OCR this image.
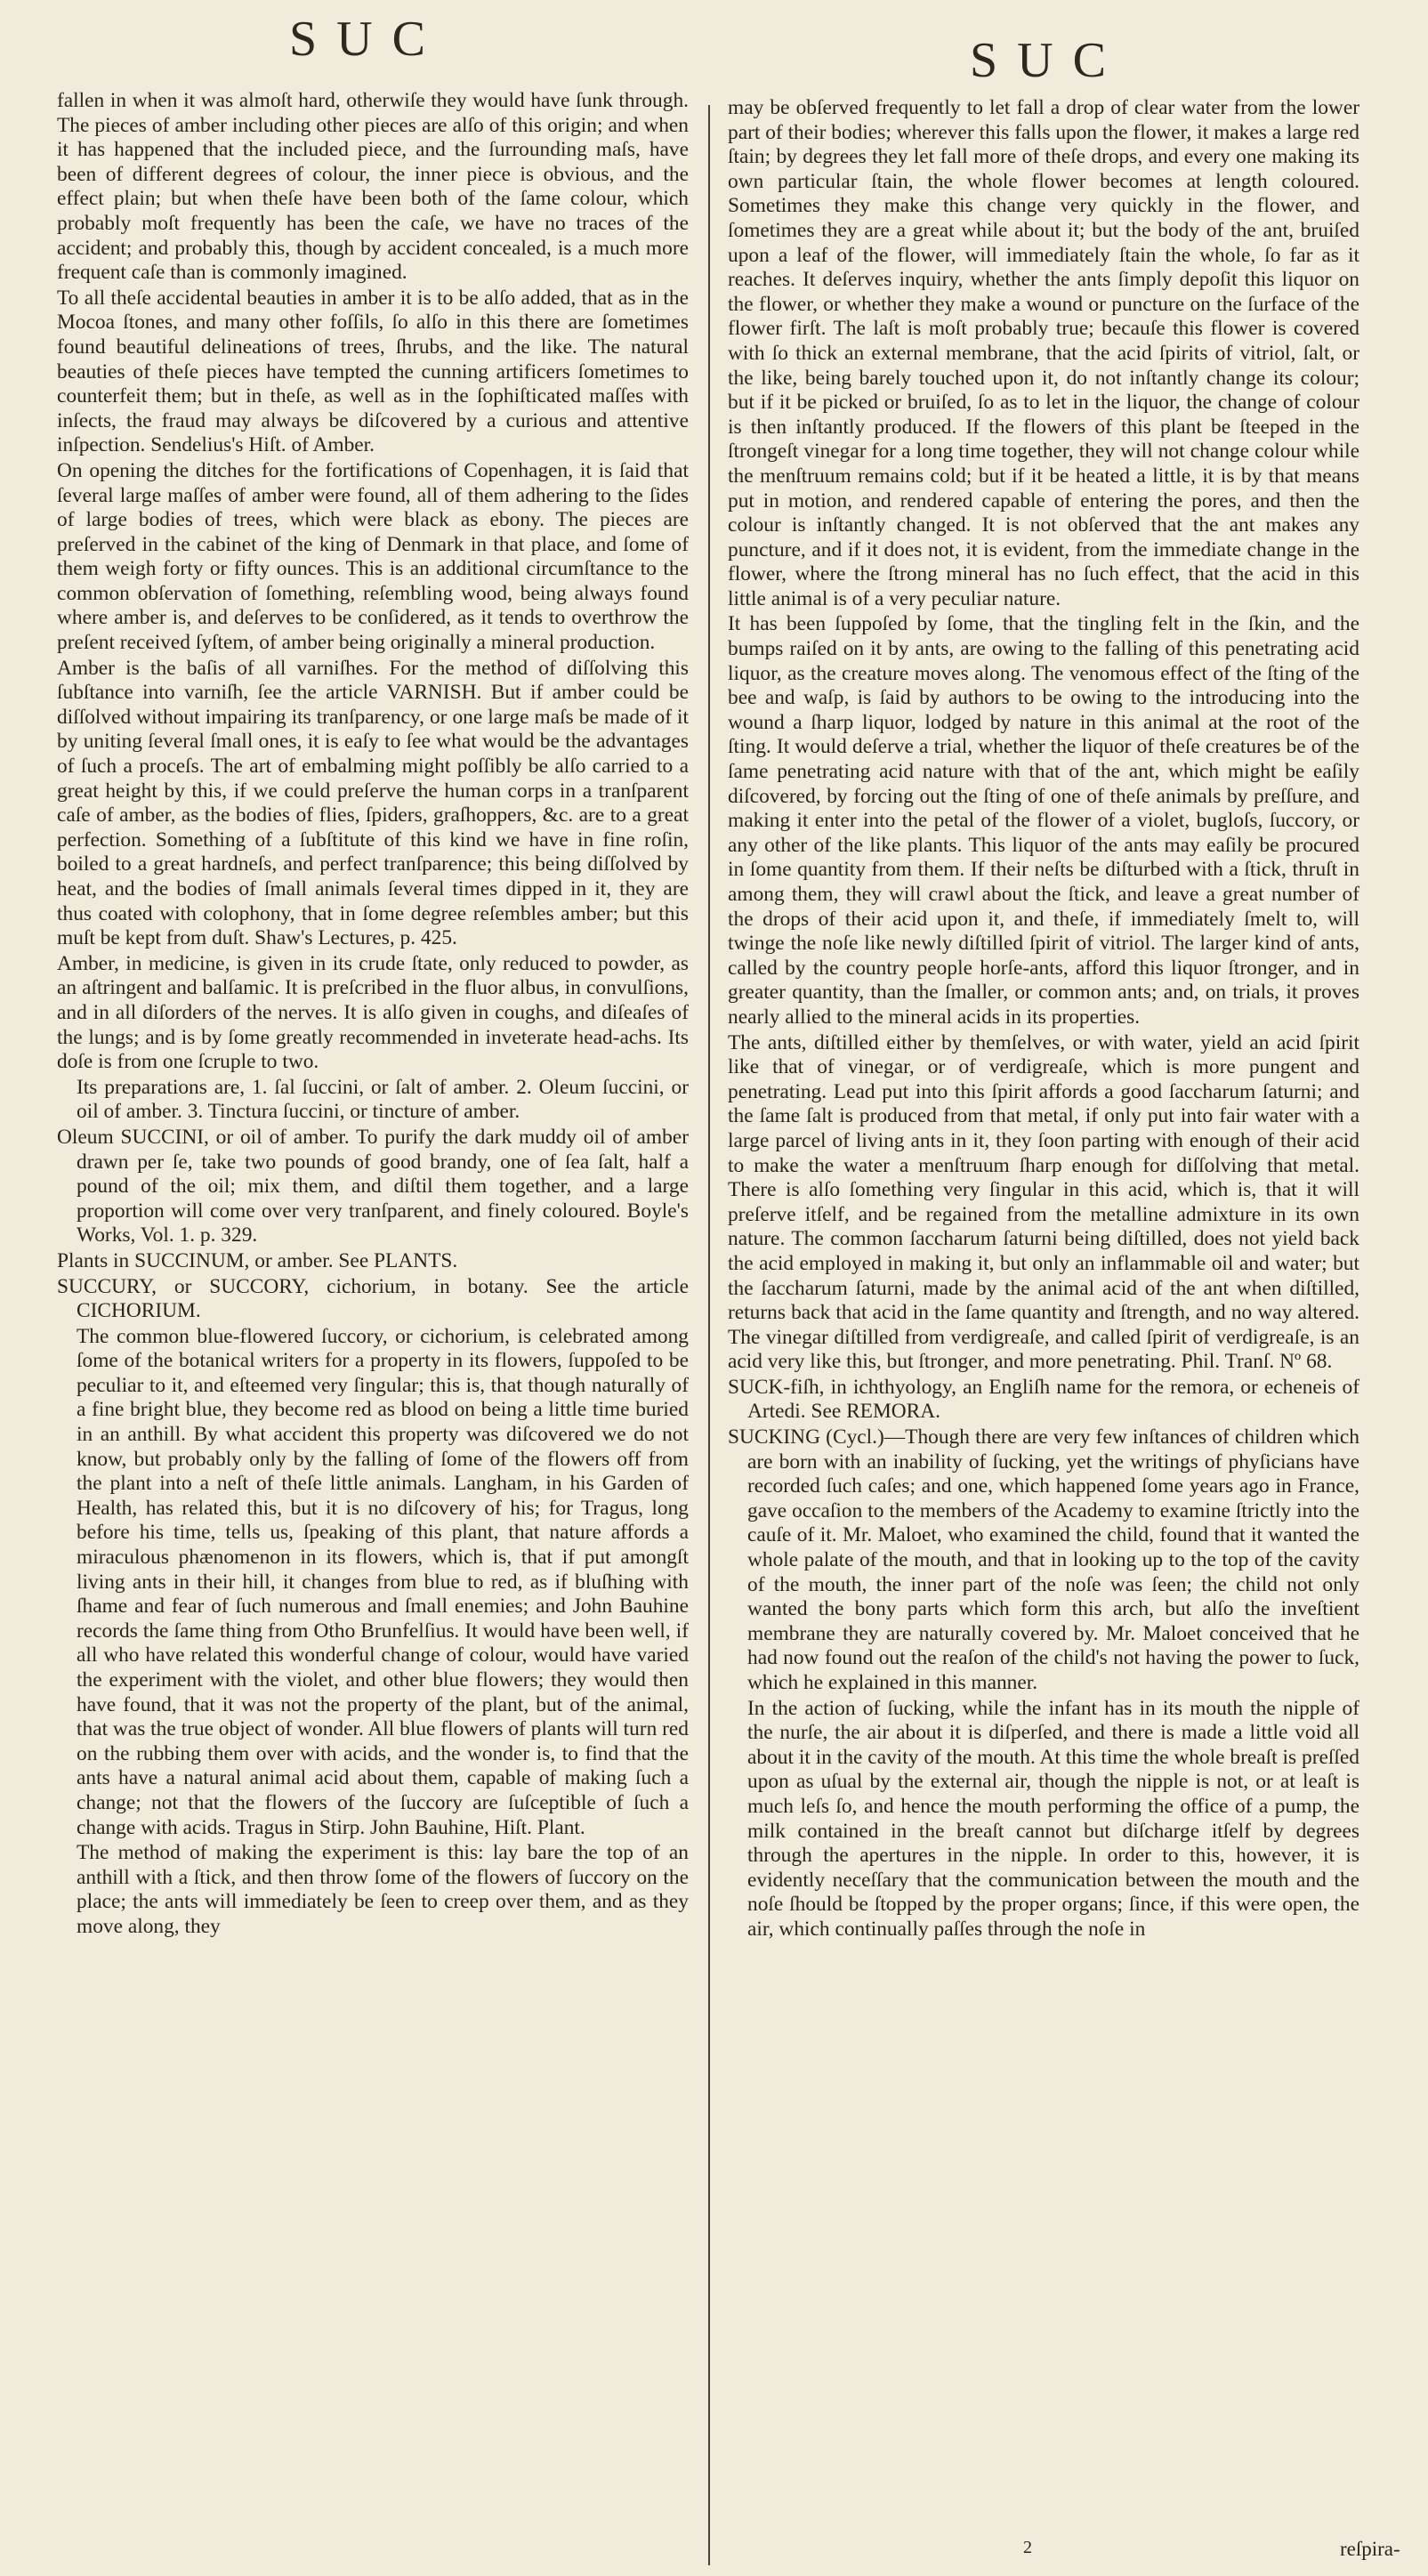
SUC	SUC

fallen in when it was almoſt hard, otherwiſe they would have ſunk through. The pieces of amber including other pieces are alſo of this origin; and when it has happened that the included piece, and the ſurrounding maſs, have been of different degrees of colour, the inner piece is obvious, and the effect plain; but when theſe have been both of the ſame colour, which probably moſt frequently has been the caſe, we have no traces of the accident; and probably this, though by accident concealed, is a much more frequent caſe than is commonly imagined.

To all theſe accidental beauties in amber it is to be alſo added, that as in the Mocoa ſtones, and many other foſſils, ſo alſo in this there are ſometimes found beautiful delineations of trees, ſhrubs, and the like. The natural beauties of theſe pieces have tempted the cunning artificers ſometimes to counterfeit them; but in theſe, as well as in the ſophiſticated maſſes with inſects, the fraud may always be diſcovered by a curious and attentive inſpection. Sendelius's Hiſt. of Amber.

On opening the ditches for the fortifications of Copenhagen, it is ſaid that ſeveral large maſſes of amber were found, all of them adhering to the ſides of large bodies of trees, which were black as ebony. The pieces are preſerved in the cabinet of the king of Denmark in that place, and ſome of them weigh forty or fifty ounces. This is an additional circumſtance to the common obſervation of ſomething, reſembling wood, being always found where amber is, and deſerves to be conſidered, as it tends to overthrow the preſent received ſyſtem, of amber being originally a mineral production.

Amber is the baſis of all varniſhes. For the method of diſſolving this ſubſtance into varniſh, ſee the article VARNISH. But if amber could be diſſolved without impairing its tranſparency, or one large maſs be made of it by uniting ſeveral ſmall ones, it is eaſy to ſee what would be the advantages of ſuch a proceſs. The art of embalming might poſſibly be alſo carried to a great height by this, if we could preſerve the human corps in a tranſparent caſe of amber, as the bodies of flies, ſpiders, graſhoppers, &c. are to a great perfection. Something of a ſubſtitute of this kind we have in fine roſin, boiled to a great hardneſs, and perfect tranſparence; this being diſſolved by heat, and the bodies of ſmall animals ſeveral times dipped in it, they are thus coated with colophony, that in ſome degree reſembles amber; but this muſt be kept from duſt. Shaw's Lectures, p. 425.

Amber, in medicine, is given in its crude ſtate, only reduced to powder, as an aſtringent and balſamic. It is preſcribed in the fluor albus, in convulſions, and in all diſorders of the nerves. It is alſo given in coughs, and diſeaſes of the lungs; and is by ſome greatly recommended in inveterate head-achs. Its doſe is from one ſcruple to two.

Its preparations are, 1. ſal ſuccini, or ſalt of amber. 2. Oleum ſuccini, or oil of amber. 3. Tinctura ſuccini, or tincture of amber.

Oleum SUCCINI, or oil of amber. To purify the dark muddy oil of amber drawn per ſe, take two pounds of good brandy, one of ſea ſalt, half a pound of the oil; mix them, and diſtil them together, and a large proportion will come over very tranſparent, and finely coloured. Boyle's Works, Vol. 1. p. 329.

Plants in SUCCINUM, or amber. See PLANTS.

SUCCURY, or SUCCORY, cichorium, in botany. See the article CICHORIUM.

The common blue-flowered ſuccory, or cichorium, is celebrated among ſome of the botanical writers for a property in its flowers, ſuppoſed to be peculiar to it, and eſteemed very ſingular; this is, that though naturally of a fine bright blue, they become red as blood on being a little time buried in an anthill. By what accident this property was diſcovered we do not know, but probably only by the falling of ſome of the flowers off from the plant into a neſt of theſe little animals. Langham, in his Garden of Health, has related this, but it is no diſcovery of his; for Tragus, long before his time, tells us, ſpeaking of this plant, that nature affords a miraculous phænomenon in its flowers, which is, that if put amongſt living ants in their hill, it changes from blue to red, as if bluſhing with ſhame and fear of ſuch numerous and ſmall enemies; and John Bauhine records the ſame thing from Otho Brunfelſius. It would have been well, if all who have related this wonderful change of colour, would have varied the experiment with the violet, and other blue flowers; they would then have found, that it was not the property of the plant, but of the animal, that was the true object of wonder. All blue flowers of plants will turn red on the rubbing them over with acids, and the wonder is, to find that the ants have a natural animal acid about them, capable of making ſuch a change; not that the flowers of the ſuccory are ſuſceptible of ſuch a change with acids. Tragus in Stirp. John Bauhine, Hiſt. Plant.

The method of making the experiment is this: lay bare the top of an anthill with a ſtick, and then throw ſome of the flowers of ſuccory on the place; the ants will immediately be ſeen to creep over them, and as they move along, they

may be obſerved frequently to let fall a drop of clear water from the lower part of their bodies; wherever this falls upon the flower, it makes a large red ſtain; by degrees they let fall more of theſe drops, and every one making its own particular ſtain, the whole flower becomes at length coloured. Sometimes they make this change very quickly in the flower, and ſometimes they are a great while about it; but the body of the ant, bruiſed upon a leaf of the flower, will immediately ſtain the whole, ſo far as it reaches. It deſerves inquiry, whether the ants ſimply depoſit this liquor on the flower, or whether they make a wound or puncture on the ſurface of the flower firſt. The laſt is moſt probably true; becauſe this flower is covered with ſo thick an external membrane, that the acid ſpirits of vitriol, ſalt, or the like, being barely touched upon it, do not inſtantly change its colour; but if it be picked or bruiſed, ſo as to let in the liquor, the change of colour is then inſtantly produced. If the flowers of this plant be ſteeped in the ſtrongeſt vinegar for a long time together, they will not change colour while the menſtruum remains cold; but if it be heated a little, it is by that means put in motion, and rendered capable of entering the pores, and then the colour is inſtantly changed. It is not obſerved that the ant makes any puncture, and if it does not, it is evident, from the immediate change in the flower, where the ſtrong mineral has no ſuch effect, that the acid in this little animal is of a very peculiar nature.

It has been ſuppoſed by ſome, that the tingling felt in the ſkin, and the bumps raiſed on it by ants, are owing to the falling of this penetrating acid liquor, as the creature moves along. The venomous effect of the ſting of the bee and waſp, is ſaid by authors to be owing to the introducing into the wound a ſharp liquor, lodged by nature in this animal at the root of the ſting. It would deſerve a trial, whether the liquor of theſe creatures be of the ſame penetrating acid nature with that of the ant, which might be eaſily diſcovered, by forcing out the ſting of one of theſe animals by preſſure, and making it enter into the petal of the flower of a violet, bugloſs, ſuccory, or any other of the like plants. This liquor of the ants may eaſily be procured in ſome quantity from them. If their neſts be diſturbed with a ſtick, thruſt in among them, they will crawl about the ſtick, and leave a great number of the drops of their acid upon it, and theſe, if immediately ſmelt to, will twinge the noſe like newly diſtilled ſpirit of vitriol. The larger kind of ants, called by the country people horſe-ants, afford this liquor ſtronger, and in greater quantity, than the ſmaller, or common ants; and, on trials, it proves nearly allied to the mineral acids in its properties.

The ants, diſtilled either by themſelves, or with water, yield an acid ſpirit like that of vinegar, or of verdigreaſe, which is more pungent and penetrating. Lead put into this ſpirit affords a good ſaccharum ſaturni; and the ſame ſalt is produced from that metal, if only put into fair water with a large parcel of living ants in it, they ſoon parting with enough of their acid to make the water a menſtruum ſharp enough for diſſolving that metal. There is alſo ſomething very ſingular in this acid, which is, that it will preſerve itſelf, and be regained from the metalline admixture in its own nature. The common ſaccharum ſaturni being diſtilled, does not yield back the acid employed in making it, but only an inflammable oil and water; but the ſaccharum ſaturni, made by the animal acid of the ant when diſtilled, returns back that acid in the ſame quantity and ſtrength, and no way altered. The vinegar diſtilled from verdigreaſe, and called ſpirit of verdigreaſe, is an acid very like this, but ſtronger, and more penetrating. Phil. Tranſ. Nº 68.

SUCK-fiſh, in ichthyology, an Engliſh name for the remora, or echeneis of Artedi. See REMORA.

SUCKING (Cycl.)—Though there are very few inſtances of children which are born with an inability of ſucking, yet the writings of phyſicians have recorded ſuch caſes; and one, which happened ſome years ago in France, gave occaſion to the members of the Academy to examine ſtrictly into the cauſe of it. Mr. Maloet, who examined the child, found that it wanted the whole palate of the mouth, and that in looking up to the top of the cavity of the mouth, the inner part of the noſe was ſeen; the child not only wanted the bony parts which form this arch, but alſo the inveſtient membrane they are naturally covered by. Mr. Maloet conceived that he had now found out the reaſon of the child's not having the power to ſuck, which he explained in this manner.

In the action of ſucking, while the infant has in its mouth the nipple of the nurſe, the air about it is diſperſed, and there is made a little void all about it in the cavity of the mouth. At this time the whole breaſt is preſſed upon as uſual by the external air, though the nipple is not, or at leaſt is much leſs ſo, and hence the mouth performing the office of a pump, the milk contained in the breaſt cannot but diſcharge itſelf by degrees through the apertures in the nipple. In order to this, however, it is evidently neceſſary that the communication between the mouth and the noſe ſhould be ſtopped by the proper organs; ſince, if this were open, the air, which continually paſſes through the noſe in

2	reſpira-
